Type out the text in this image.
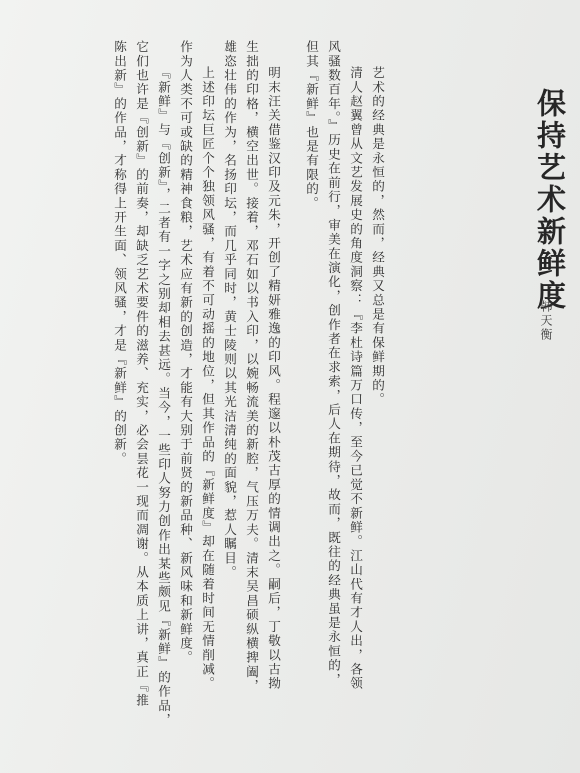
保持艺术新鲜度
韩天衡
艺术的经典是永恒的，然而，经典又总是有保鲜期的。
清人赵翼曾从文艺发展史的角度洞察：『李杜诗篇万口传，至今已觉不新鲜。江山代有才人出，各领
风骚数百年。』历史在前行，审美在演化，创作者在求索，后人在期待，故而，既往的经典虽是永恒的，
但其『新鲜』也是有限的。
明末汪关借鉴汉印及元朱，开创了精妍雅逸的印风。程邃以朴茂古厚的情调出之。嗣后，丁敬以古拗
生拙的印格，横空出世。接着，邓石如以书入印，以婉畅流美的新腔，气压万夫。清末吴昌硕纵横捭阖，
雄恣壮伟的作为，名扬印坛，而几乎同时，黄士陵则以其光洁清纯的面貌，惹人瞩目。
上述印坛巨匠个个独领风骚，有着不可动摇的地位，但其作品的『新鲜度』却在随着时间无情削减。
作为人类不可或缺的精神食粮，艺术应有新的创造，才能有大别于前贤的新品种、新风味和新鲜度。
『新鲜』与『创新』，二者有一字之别却相去甚远。当今，一些印人努力创作出某些颇见『新鲜』的作品，
它们也许是『创新』的前奏，却缺乏艺术要件的滋养、充实，必会昙花一现而凋谢。从本质上讲，真正『推
陈出新』的作品，才称得上开生面、领风骚，才是『新鲜』的创新。
